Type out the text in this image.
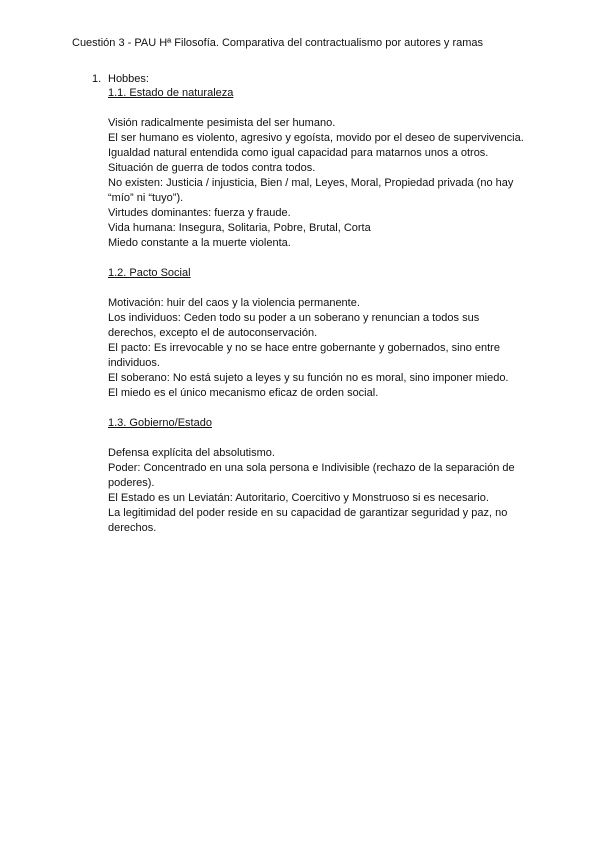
Cuestión 3 - PAU Hª Filosofía. Comparativa del contractualismo por autores y ramas
1. Hobbes:

1.1. Estado de naturaleza

Visión radicalmente pesimista del ser humano.

El ser humano es violento, agresivo y egoísta, movido por el deseo de supervivencia.

Igualdad natural entendida como igual capacidad para matarnos unos a otros.

Situación de guerra de todos contra todos.

No existen: Justicia / injusticia, Bien / mal, Leyes, Moral, Propiedad privada (no hay “mío” ni “tuyo”).

Virtudes dominantes: fuerza y fraude.

Vida humana: Insegura, Solitaria, Pobre, Brutal, Corta

Miedo constante a la muerte violenta.

1.2. Pacto Social

Motivación: huir del caos y la violencia permanente.

Los individuos: Ceden todo su poder a un soberano y renuncian a todos sus derechos, excepto el de autoconservación.

El pacto: Es irrevocable y no se hace entre gobernante y gobernados, sino entre individuos.

El soberano: No está sujeto a leyes y su función no es moral, sino imponer miedo.

El miedo es el único mecanismo eficaz de orden social.

1.3. Gobierno/Estado

Defensa explícita del absolutismo.

Poder: Concentrado en una sola persona e Indivisible (rechazo de la separación de poderes).

El Estado es un Leviatán: Autoritario, Coercitivo y Monstruoso si es necesario.

La legitimidad del poder reside en su capacidad de garantizar seguridad y paz, no derechos.
